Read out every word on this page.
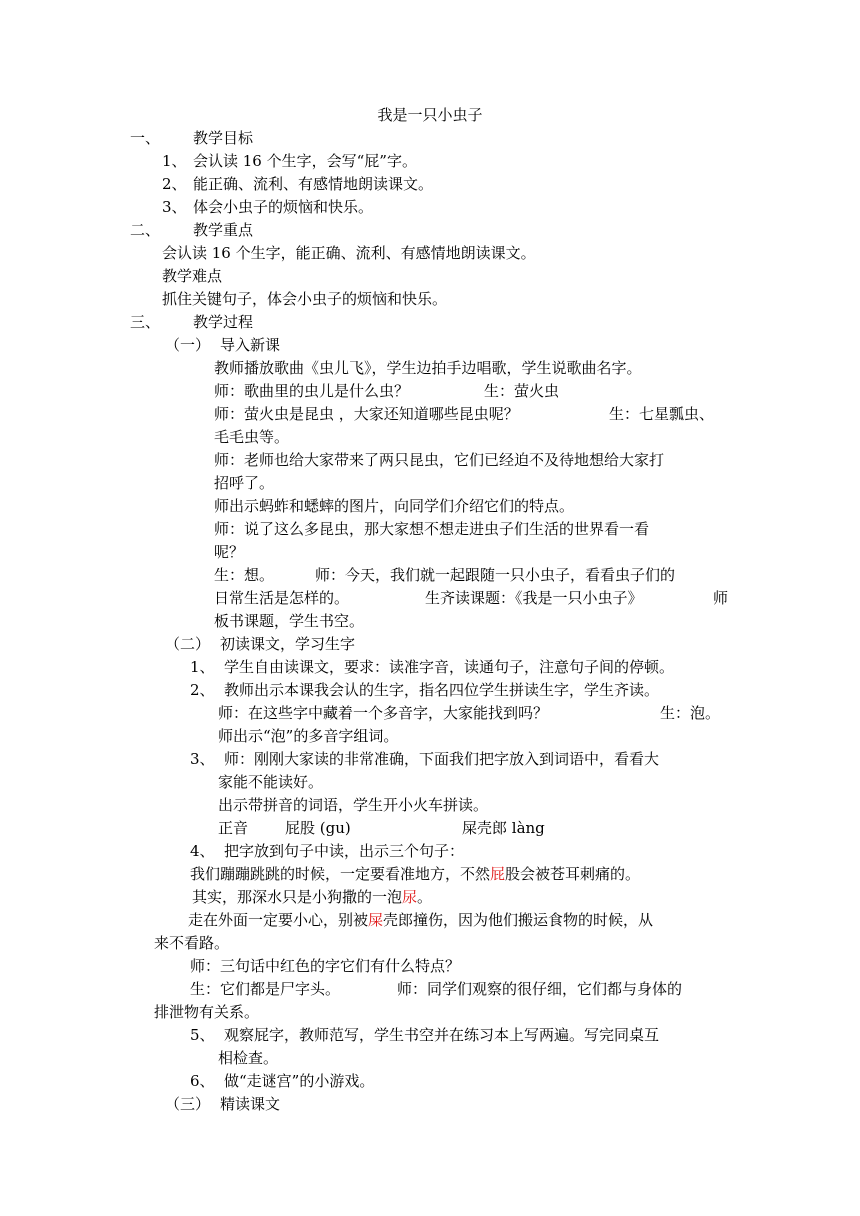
我是一只小虫子
一、 教学目标
1、 会认读 16 个生字，会写“屁”字。
2、 能正确、流利、有感情地朗读课文。
3、 体会小虫子的烦恼和快乐。
二、 教学重点
会认读 16 个生字，能正确、流利、有感情地朗读课文。
教学难点
抓住关键句子，体会小虫子的烦恼和快乐。
三、 教学过程
（一） 导入新课
教师播放歌曲《虫儿飞》，学生边拍手边唱歌，学生说歌曲名字。
师：歌曲里的虫儿是什么虫？	生：萤火虫
师：萤火虫是昆虫 ，大家还知道哪些昆虫呢？	生：七星瓢虫、
毛毛虫等。
师：老师也给大家带来了两只昆虫，它们已经迫不及待地想给大家打
招呼了。
师出示蚂蚱和蟋蟀的图片，向同学们介绍它们的特点。
师：说了这么多昆虫，那大家想不想走进虫子们生活的世界看一看
呢？
生：想。	师：今天，我们就一起跟随一只小虫子，看看虫子们的
日常生活是怎样的。	生齐读课题：《我是一只小虫子》	师
板书课题，学生书空。
（二） 初读课文，学习生字
1、 学生自由读课文，要求：读准字音，读通句子，注意句子间的停顿。
2、 教师出示本课我会认的生字，指名四位学生拼读生字，学生齐读。
师：在这些字中藏着一个多音字，大家能找到吗？	生：泡。
师出示“泡”的多音字组词。
3、 师：刚刚大家读的非常准确，下面我们把字放入到词语中，看看大
家能不能读好。
出示带拼音的词语，学生开小火车拼读。
正音 屁股 (gu)	屎壳郎 làng
4、 把字放到句子中读，出示三个句子：
我们蹦蹦跳跳的时候，一定要看准地方，不然屁股会被苍耳刺痛的。
其实，那深水只是小狗撒的一泡尿。
走在外面一定要小心，别被屎壳郎撞伤，因为他们搬运食物的时候，从
来不看路。
师：三句话中红色的字它们有什么特点？
生：它们都是尸字头。	师：同学们观察的很仔细，它们都与身体的
排泄物有关系。
5、 观察屁字，教师范写，学生书空并在练习本上写两遍。写完同桌互
相检查。
6、 做“走谜宫”的小游戏。
（三） 精读课文
